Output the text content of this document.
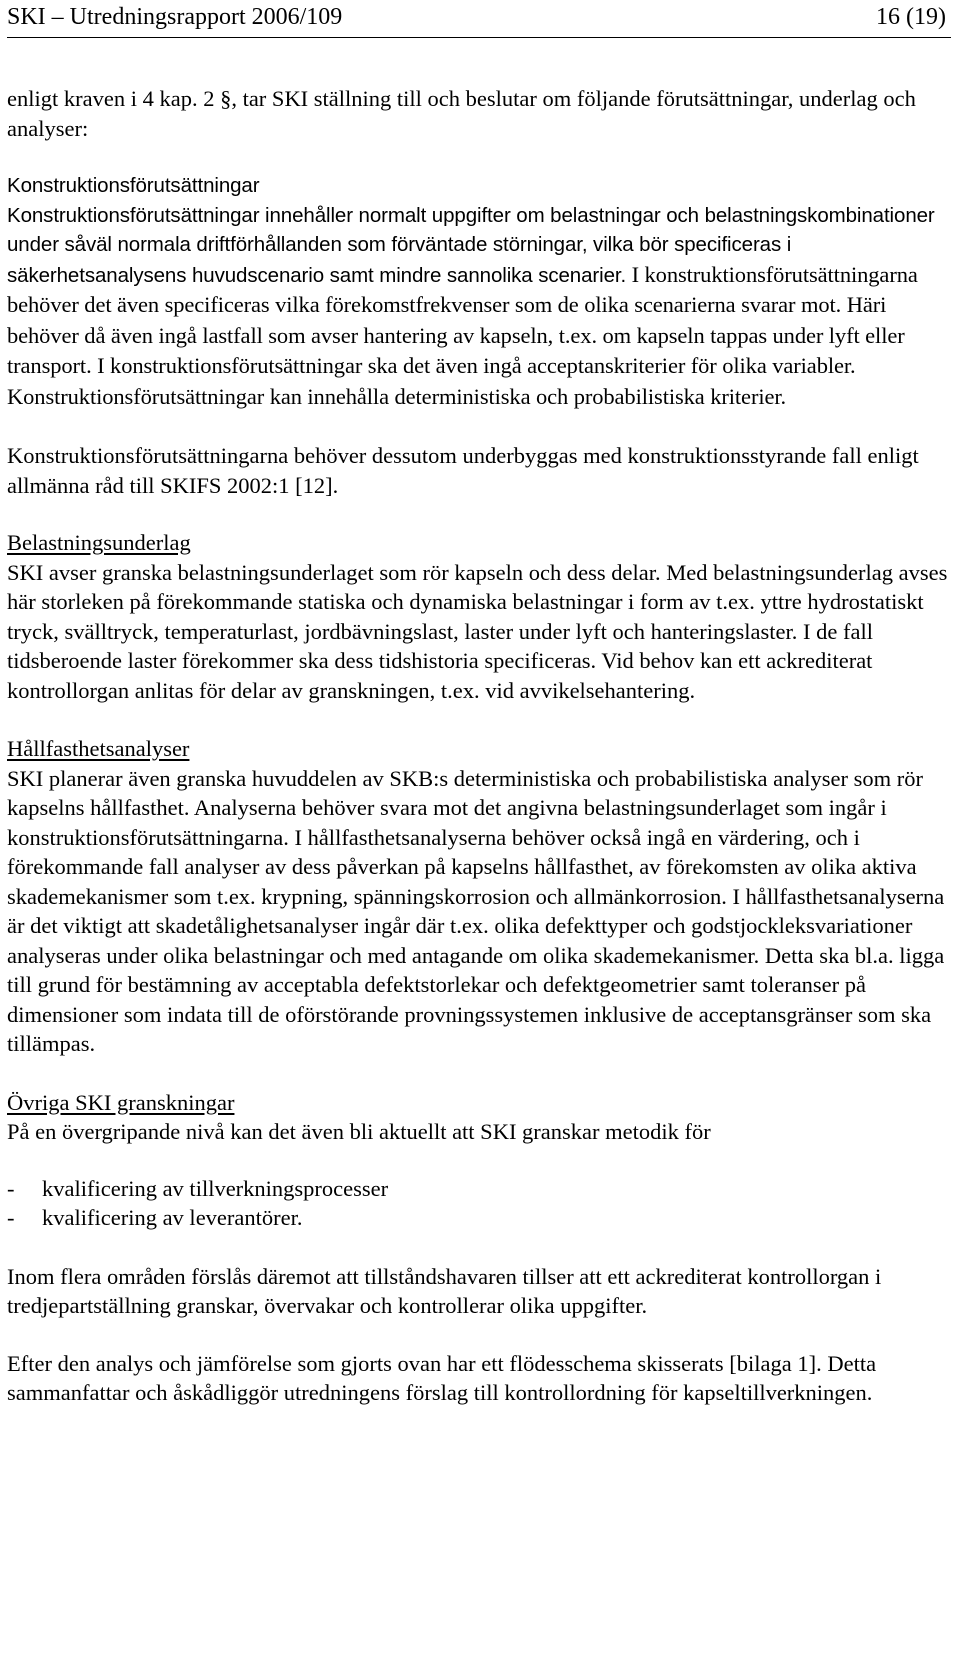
SKI – Utredningsrapport 2006/109	16 (19)

enligt kraven i 4 kap. 2 §, tar SKI ställning till och beslutar om följande förutsättningar, underlag och analyser:

Konstruktionsförutsättningar

Konstruktionsförutsättningar innehåller normalt uppgifter om belastningar och belastningskombinationer under såväl normala driftförhållanden som förväntade störningar, vilka bör specificeras i säkerhetsanalysens huvudscenario samt mindre sannolika scenarier. I konstruktionsförutsättningarna behöver det även specificeras vilka förekomstfrekvenser som de olika scenarierna svarar mot. Häri behöver då även ingå lastfall som avser hantering av kapseln, t.ex. om kapseln tappas under lyft eller transport. I konstruktionsförutsättningar ska det även ingå acceptanskriterier för olika variabler. Konstruktionsförutsättningar kan innehålla deterministiska och probabilistiska kriterier.

Konstruktionsförutsättningarna behöver dessutom underbyggas med konstruktionsstyrande fall enligt allmänna råd till SKIFS 2002:1 [12].

Belastningsunderlag

SKI avser granska belastningsunderlaget som rör kapseln och dess delar. Med belastningsunderlag avses här storleken på förekommande statiska och dynamiska belastningar i form av t.ex. yttre hydrostatiskt tryck, svälltryck, temperaturlast, jordbävningslast, laster under lyft och hanteringslaster. I de fall tidsberoende laster förekommer ska dess tidshistoria specificeras. Vid behov kan ett ackrediterat kontrollorgan anlitas för delar av granskningen, t.ex. vid avvikelsehantering.

Hållfasthetsanalyser

SKI planerar även granska huvuddelen av SKB:s deterministiska och probabilistiska analyser som rör kapselns hållfasthet. Analyserna behöver svara mot det angivna belastningsunderlaget som ingår i konstruktionsförutsättningarna. I hållfasthetsanalyserna behöver också ingå en värdering, och i förekommande fall analyser av dess påverkan på kapselns hållfasthet, av förekomsten av olika aktiva skademekanismer som t.ex. krypning, spänningskorrosion och allmänkorrosion. I hållfasthetsanalyserna är det viktigt att skadetålighetsanalyser ingår där t.ex. olika defekttyper och godstjockleksvariationer analyseras under olika belastningar och med antagande om olika skademekanismer. Detta ska bl.a. ligga till grund för bestämning av acceptabla defektstorlekar och defektgeometrier samt toleranser på dimensioner som indata till de oförstörande provningssystemen inklusive de acceptansgränser som ska tillämpas.

Övriga SKI granskningar

På en övergripande nivå kan det även bli aktuellt att SKI granskar metodik för

- kvalificering av tillverkningsprocesser
- kvalificering av leverantörer.

Inom flera områden förslås däremot att tillståndshavaren tillser att ett ackrediterat kontrollorgan i tredjepartställning granskar, övervakar och kontrollerar olika uppgifter.

Efter den analys och jämförelse som gjorts ovan har ett flödesschema skisserats [bilaga 1]. Detta sammanfattar och åskådliggör utredningens förslag till kontrollordning för kapseltillverkningen.
